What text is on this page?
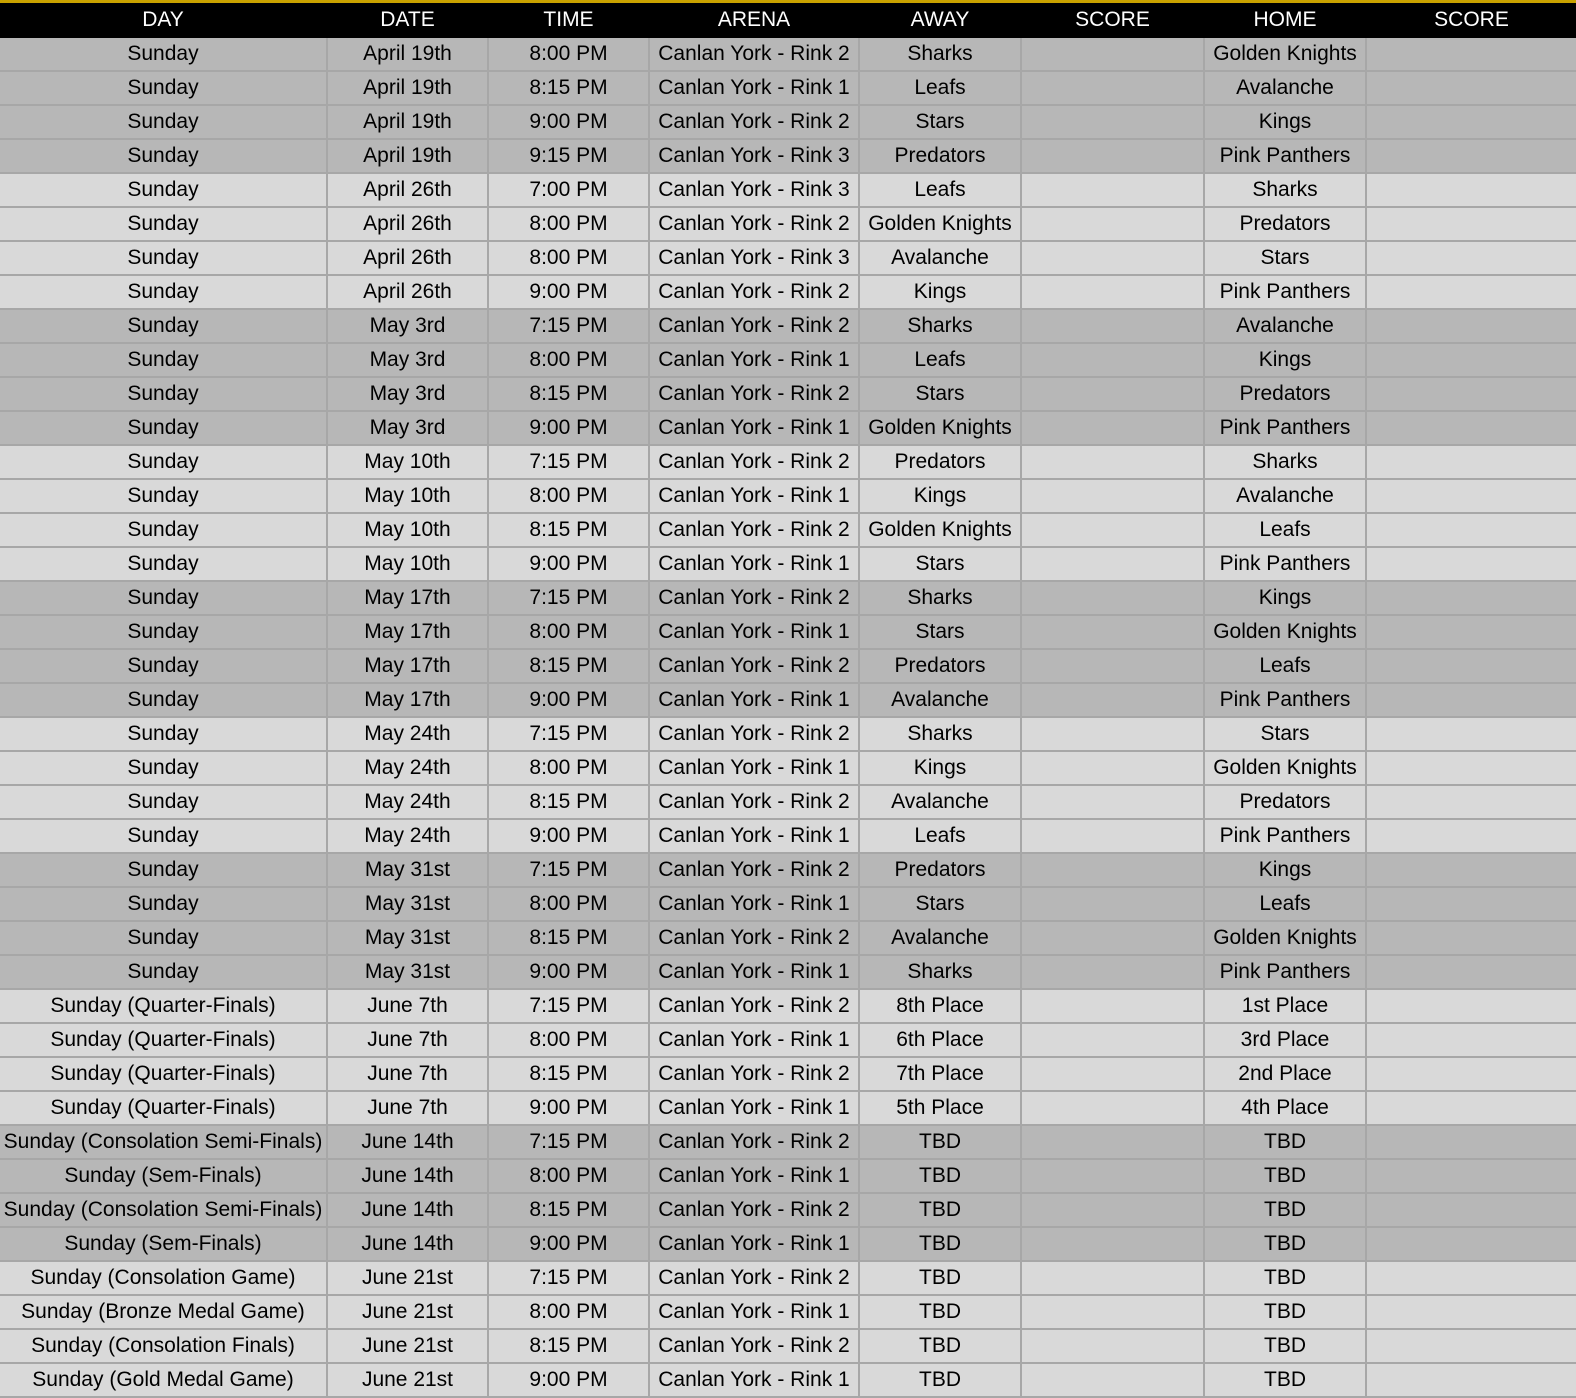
DAY	DATE	TIME	ARENA	AWAY	SCORE	HOME	SCORE
Sunday	April 19th	8:00 PM	Canlan York - Rink 2	Sharks		Golden Knights	
Sunday	April 19th	8:15 PM	Canlan York - Rink 1	Leafs		Avalanche	
Sunday	April 19th	9:00 PM	Canlan York - Rink 2	Stars		Kings	
Sunday	April 19th	9:15 PM	Canlan York - Rink 3	Predators		Pink Panthers	
Sunday	April 26th	7:00 PM	Canlan York - Rink 3	Leafs		Sharks	
Sunday	April 26th	8:00 PM	Canlan York - Rink 2	Golden Knights		Predators	
Sunday	April 26th	8:00 PM	Canlan York - Rink 3	Avalanche		Stars	
Sunday	April 26th	9:00 PM	Canlan York - Rink 2	Kings		Pink Panthers	
Sunday	May 3rd	7:15 PM	Canlan York - Rink 2	Sharks		Avalanche	
Sunday	May 3rd	8:00 PM	Canlan York - Rink 1	Leafs		Kings	
Sunday	May 3rd	8:15 PM	Canlan York - Rink 2	Stars		Predators	
Sunday	May 3rd	9:00 PM	Canlan York - Rink 1	Golden Knights		Pink Panthers	
Sunday	May 10th	7:15 PM	Canlan York - Rink 2	Predators		Sharks	
Sunday	May 10th	8:00 PM	Canlan York - Rink 1	Kings		Avalanche	
Sunday	May 10th	8:15 PM	Canlan York - Rink 2	Golden Knights		Leafs	
Sunday	May 10th	9:00 PM	Canlan York - Rink 1	Stars		Pink Panthers	
Sunday	May 17th	7:15 PM	Canlan York - Rink 2	Sharks		Kings	
Sunday	May 17th	8:00 PM	Canlan York - Rink 1	Stars		Golden Knights	
Sunday	May 17th	8:15 PM	Canlan York - Rink 2	Predators		Leafs	
Sunday	May 17th	9:00 PM	Canlan York - Rink 1	Avalanche		Pink Panthers	
Sunday	May 24th	7:15 PM	Canlan York - Rink 2	Sharks		Stars	
Sunday	May 24th	8:00 PM	Canlan York - Rink 1	Kings		Golden Knights	
Sunday	May 24th	8:15 PM	Canlan York - Rink 2	Avalanche		Predators	
Sunday	May 24th	9:00 PM	Canlan York - Rink 1	Leafs		Pink Panthers	
Sunday	May 31st	7:15 PM	Canlan York - Rink 2	Predators		Kings	
Sunday	May 31st	8:00 PM	Canlan York - Rink 1	Stars		Leafs	
Sunday	May 31st	8:15 PM	Canlan York - Rink 2	Avalanche		Golden Knights	
Sunday	May 31st	9:00 PM	Canlan York - Rink 1	Sharks		Pink Panthers	
Sunday (Quarter-Finals)	June 7th	7:15 PM	Canlan York - Rink 2	8th Place		1st Place	
Sunday (Quarter-Finals)	June 7th	8:00 PM	Canlan York - Rink 1	6th Place		3rd Place	
Sunday (Quarter-Finals)	June 7th	8:15 PM	Canlan York - Rink 2	7th Place		2nd Place	
Sunday (Quarter-Finals)	June 7th	9:00 PM	Canlan York - Rink 1	5th Place		4th Place	
Sunday (Consolation Semi-Finals)	June 14th	7:15 PM	Canlan York - Rink 2	TBD		TBD	
Sunday (Sem-Finals)	June 14th	8:00 PM	Canlan York - Rink 1	TBD		TBD	
Sunday (Consolation Semi-Finals)	June 14th	8:15 PM	Canlan York - Rink 2	TBD		TBD	
Sunday (Sem-Finals)	June 14th	9:00 PM	Canlan York - Rink 1	TBD		TBD	
Sunday (Consolation Game)	June 21st	7:15 PM	Canlan York - Rink 2	TBD		TBD	
Sunday (Bronze Medal Game)	June 21st	8:00 PM	Canlan York - Rink 1	TBD		TBD	
Sunday (Consolation Finals)	June 21st	8:15 PM	Canlan York - Rink 2	TBD		TBD	
Sunday (Gold Medal Game)	June 21st	9:00 PM	Canlan York - Rink 1	TBD		TBD	
